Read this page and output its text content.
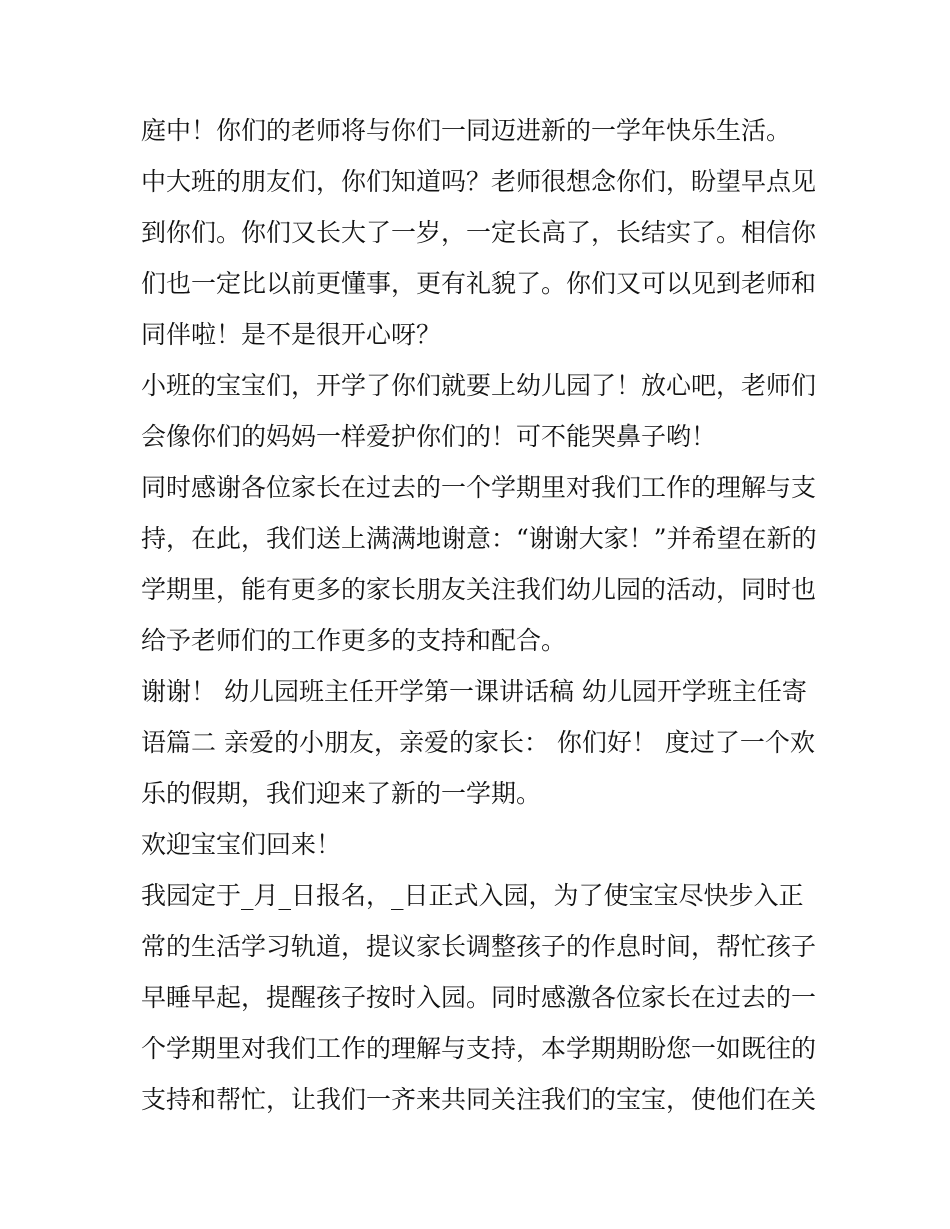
庭中！你们的老师将与你们一同迈进新的一学年快乐生活。
中大班的朋友们，你们知道吗？老师很想念你们，盼望早点见
到你们。你们又长大了一岁，一定长高了，长结实了。相信你
们也一定比以前更懂事，更有礼貌了。你们又可以见到老师和
同伴啦！是不是很开心呀？
小班的宝宝们，开学了你们就要上幼儿园了！放心吧，老师们
会像你们的妈妈一样爱护你们的！可不能哭鼻子哟！
同时感谢各位家长在过去的一个学期里对我们工作的理解与支
持，在此，我们送上满满地谢意：“谢谢大家！”并希望在新的
学期里，能有更多的家长朋友关注我们幼儿园的活动，同时也
给予老师们的工作更多的支持和配合。
谢谢！ 幼儿园班主任开学第一课讲话稿 幼儿园开学班主任寄
语篇二 亲爱的小朋友，亲爱的家长： 你们好！ 度过了一个欢
乐的假期，我们迎来了新的一学期。
欢迎宝宝们回来！
我园定于_月_日报名，_日正式入园，为了使宝宝尽快步入正
常的生活学习轨道，提议家长调整孩子的作息时间，帮忙孩子
早睡早起，提醒孩子按时入园。同时感激各位家长在过去的一
个学期里对我们工作的理解与支持，本学期期盼您一如既往的
支持和帮忙，让我们一齐来共同关注我们的宝宝，使他们在关
